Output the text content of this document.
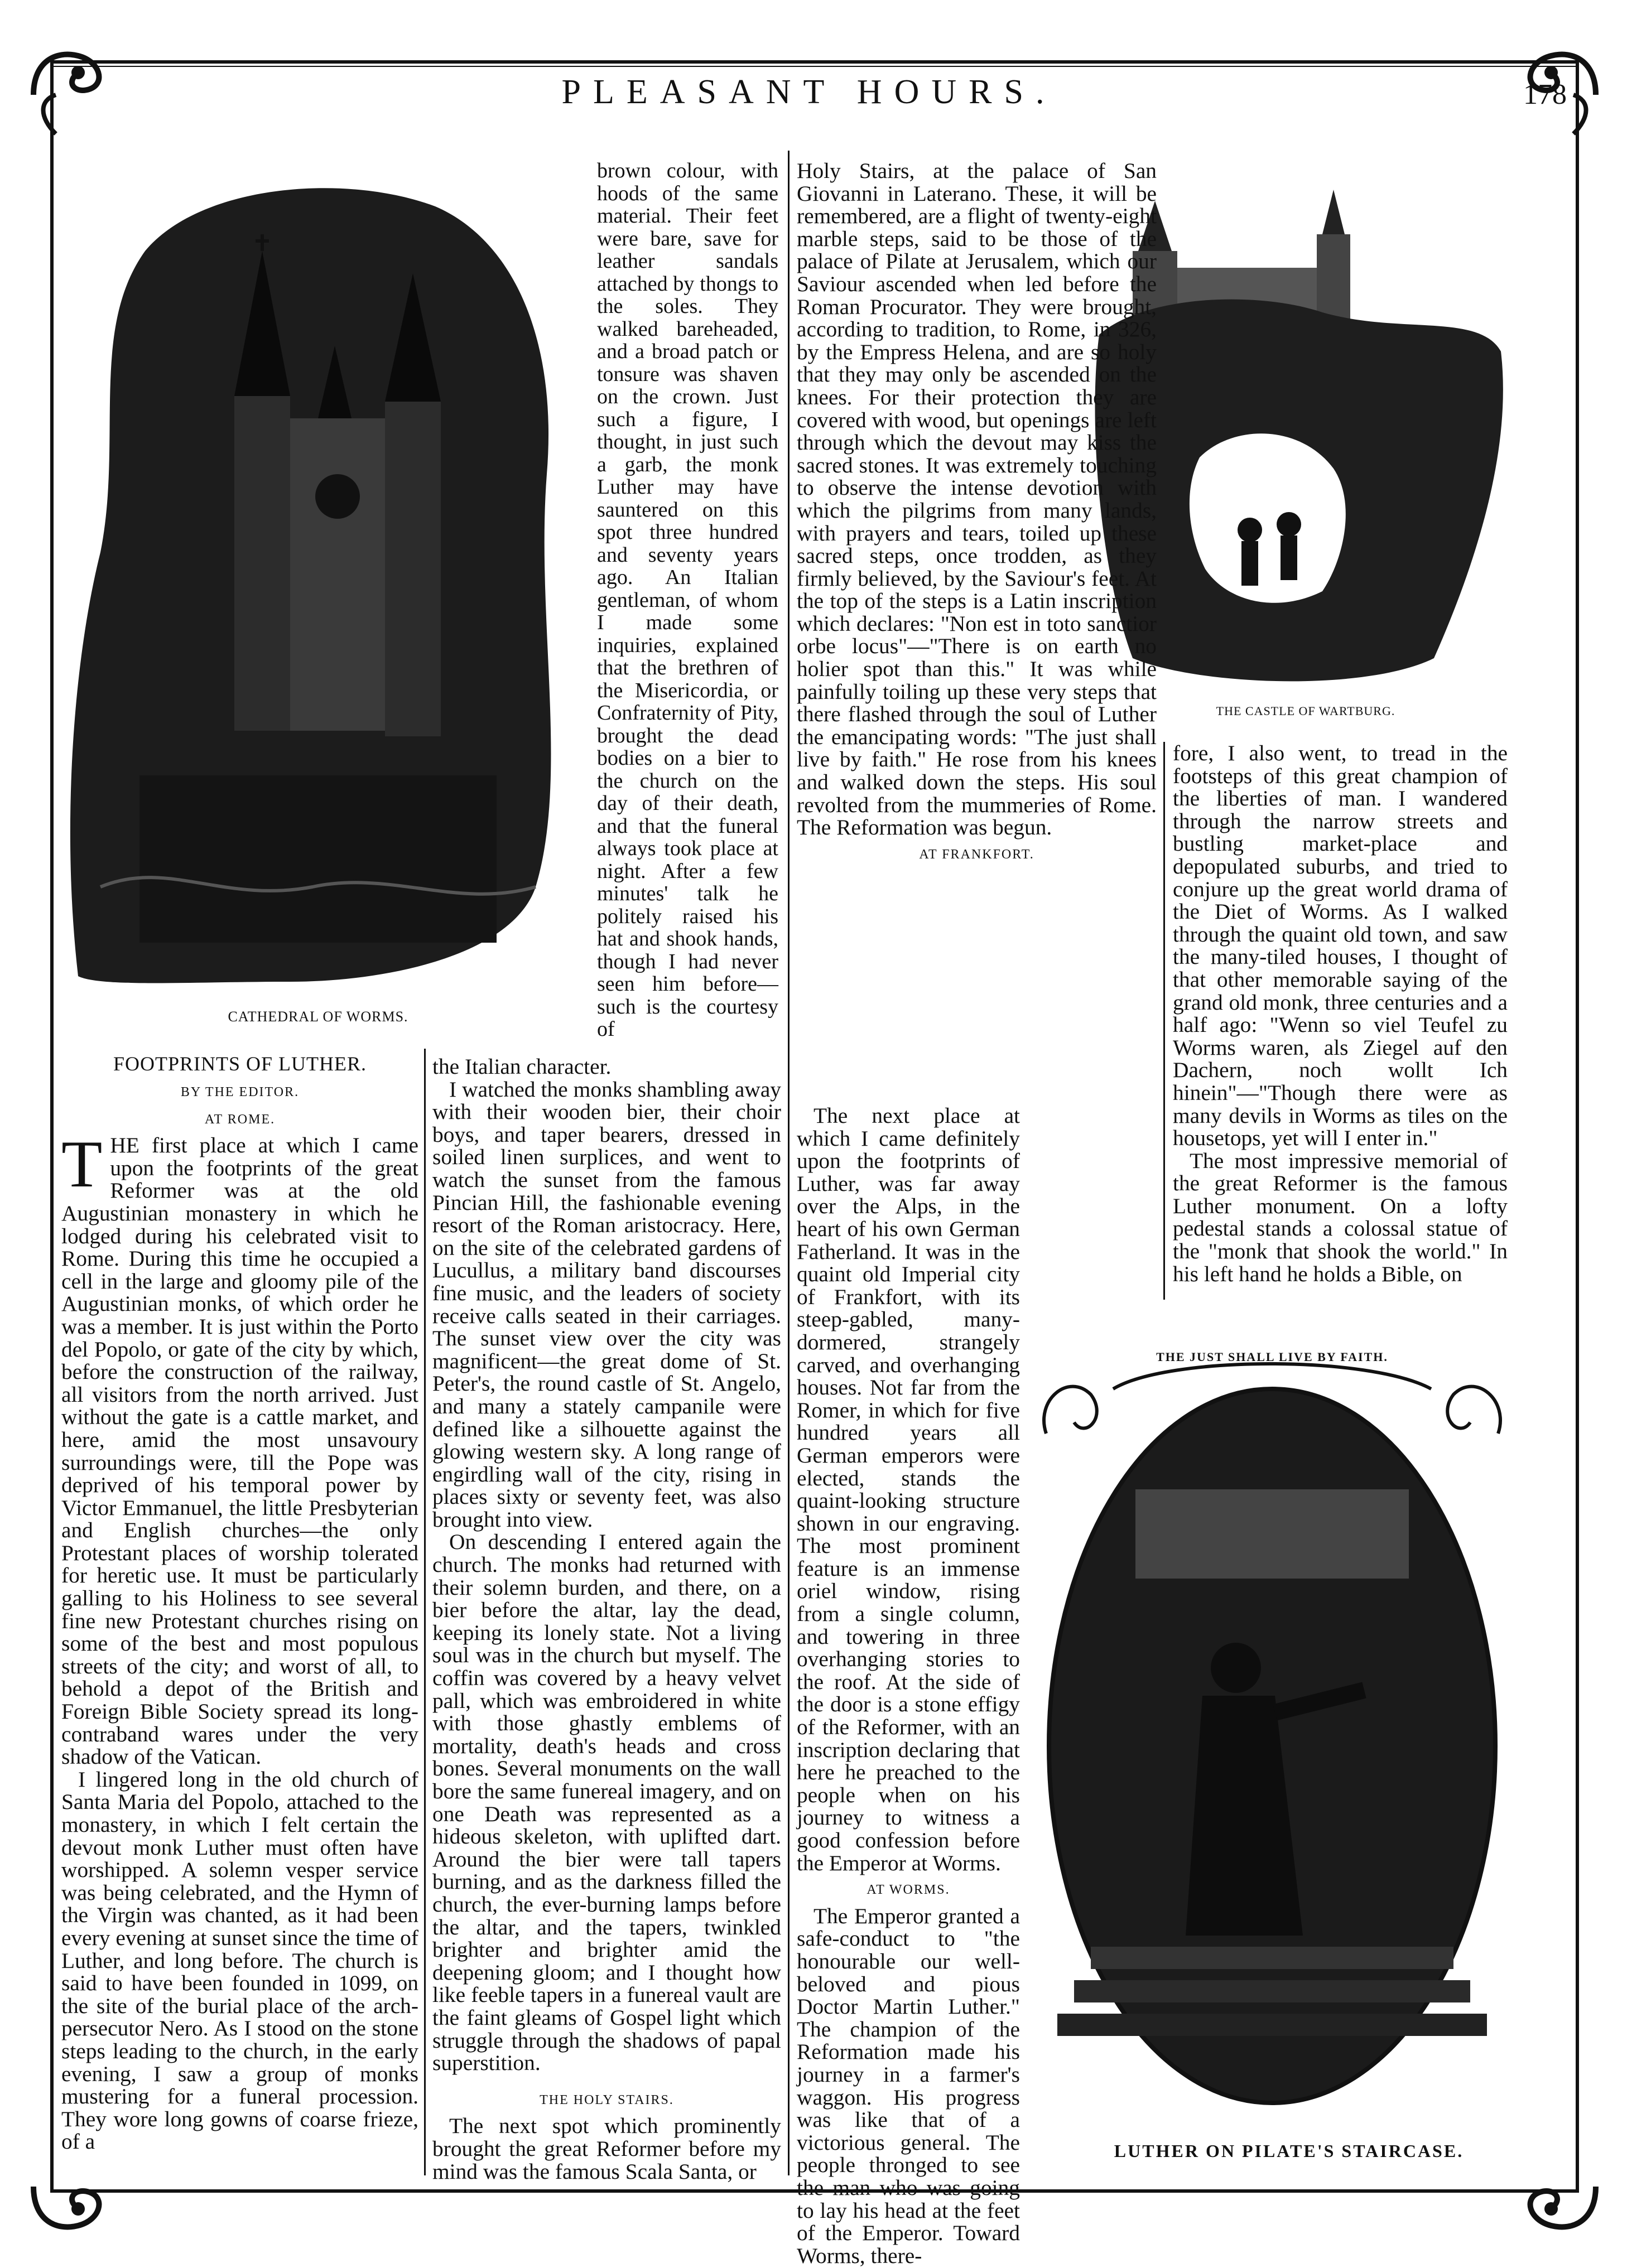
PLEASANT HOURS.	178
CATHEDRAL OF WORMS.
THE CASTLE OF WARTBURG.
THE JUST SHALL LIVE BY FAITH.
LUTHER ON PILATE'S STAIRCASE.

brown colour, with hoods of the same material. Their feet were bare, save for leather sandals attached by thongs to the soles. They walked bareheaded, and a broad patch or tonsure was shaven on the crown. Just such a figure, I thought, in just such a garb, the monk Luther may have sauntered on this spot three hundred and seventy years ago. An Italian gentleman, of whom I made some inquiries, explained that the brethren of the Misericordia, or Confraternity of Pity, brought the dead bodies on a bier to the church on the day of their death, and that the funeral always took place at night. After a few minutes' talk he politely raised his hat and shook hands, though I had never seen him before—such is the courtesy of

FOOTPRINTS OF LUTHER.
BY THE EDITOR.
AT ROME.

THE first place at which I came upon the footprints of the great Reformer was at the old Augustinian monastery in which he lodged during his celebrated visit to Rome. During this time he occupied a cell in the large and gloomy pile of the Augustinian monks, of which order he was a member. It is just within the Porto del Popolo, or gate of the city by which, before the construction of the railway, all visitors from the north arrived. Just without the gate is a cattle market, and here, amid the most unsavoury surroundings were, till the Pope was deprived of his temporal power by Victor Emmanuel, the little Presbyterian and English churches—the only Protestant places of worship tolerated for heretic use. It must be particularly galling to his Holiness to see several fine new Protestant churches rising on some of the best and most populous streets of the city; and worst of all, to behold a depot of the British and Foreign Bible Society spread its long-contraband wares under the very shadow of the Vatican.

I lingered long in the old church of Santa Maria del Popolo, attached to the monastery, in which I felt certain the devout monk Luther must often have worshipped. A solemn vesper service was being celebrated, and the Hymn of the Virgin was chanted, as it had been every evening at sunset since the time of Luther, and long before. The church is said to have been founded in 1099, on the site of the burial place of the arch-persecutor Nero. As I stood on the stone steps leading to the church, in the early evening, I saw a group of monks mustering for a funeral procession. They wore long gowns of coarse frieze, of a

the Italian character.

I watched the monks shambling away with their wooden bier, their choir boys, and taper bearers, dressed in soiled linen surplices, and went to watch the sunset from the famous Pincian Hill, the fashionable evening resort of the Roman aristocracy. Here, on the site of the celebrated gardens of Lucullus, a military band discourses fine music, and the leaders of society receive calls seated in their carriages. The sunset view over the city was magnificent—the great dome of St. Peter's, the round castle of St. Angelo, and many a stately campanile were defined like a silhouette against the glowing western sky. A long range of engirdling wall of the city, rising in places sixty or seventy feet, was also brought into view.

On descending I entered again the church. The monks had returned with their solemn burden, and there, on a bier before the altar, lay the dead, keeping its lonely state. Not a living soul was in the church but myself. The coffin was covered by a heavy velvet pall, which was embroidered in white with those ghastly emblems of mortality, death's heads and cross bones. Several monuments on the wall bore the same funereal imagery, and on one Death was represented as a hideous skeleton, with uplifted dart. Around the bier were tall tapers burning, and as the darkness filled the church, the ever-burning lamps before the altar, and the tapers, twinkled brighter and brighter amid the deepening gloom; and I thought how like feeble tapers in a funereal vault are the faint gleams of Gospel light which struggle through the shadows of papal superstition.

THE HOLY STAIRS.

The next spot which prominently brought the great Reformer before my mind was the famous Scala Santa, or

Holy Stairs, at the palace of San Giovanni in Laterano. These, it will be remembered, are a flight of twenty-eight marble steps, said to be those of the palace of Pilate at Jerusalem, which our Saviour ascended when led before the Roman Procurator. They were brought, according to tradition, to Rome, in 326, by the Empress Helena, and are so holy that they may only be ascended on the knees. For their protection they are covered with wood, but openings are left through which the devout may kiss the sacred stones. It was extremely touching to observe the intense devotion with which the pilgrims from many lands, with prayers and tears, toiled up these sacred steps, once trodden, as they firmly believed, by the Saviour's feet. At the top of the steps is a Latin inscription which declares: "Non est in toto sanctior orbe locus"—"There is on earth no holier spot than this." It was while painfully toiling up these very steps that there flashed through the soul of Luther the emancipating words: "The just shall live by faith." He rose from his knees and walked down the steps. His soul revolted from the mummeries of Rome. The Reformation was begun.

AT FRANKFORT.

The next place at which I came definitely upon the footprints of Luther, was far away over the Alps, in the heart of his own German Fatherland. It was in the quaint old Imperial city of Frankfort, with its steep-gabled, many-dormered, strangely carved, and overhanging houses. Not far from the Romer, in which for five hundred years all German emperors were elected, stands the quaint-looking structure shown in our engraving. The most prominent feature is an immense oriel window, rising from a single column, and towering in three overhanging stories to the roof. At the side of the door is a stone effigy of the Reformer, with an inscription declaring that here he preached to the people when on his journey to witness a good confession before the Emperor at Worms.

AT WORMS.

The Emperor granted a safe-conduct to "the honourable our well-beloved and pious Doctor Martin Luther." The champion of the Reformation made his journey in a farmer's waggon. His progress was like that of a victorious general. The people thronged to see the man who was going to lay his head at the feet of the Emperor. Toward Worms, there-

fore, I also went, to tread in the footsteps of this great champion of the liberties of man. I wandered through the narrow streets and bustling market-place and depopulated suburbs, and tried to conjure up the great world drama of the Diet of Worms. As I walked through the quaint old town, and saw the many-tiled houses, I thought of that other memorable saying of the grand old monk, three centuries and a half ago: "Wenn so viel Teufel zu Worms waren, als Ziegel auf den Dachern, noch wollt Ich hinein"—"Though there were as many devils in Worms as tiles on the housetops, yet will I enter in."

The most impressive memorial of the great Reformer is the famous Luther monument. On a lofty pedestal stands a colossal statue of the "monk that shook the world." In his left hand he holds a Bible, on
